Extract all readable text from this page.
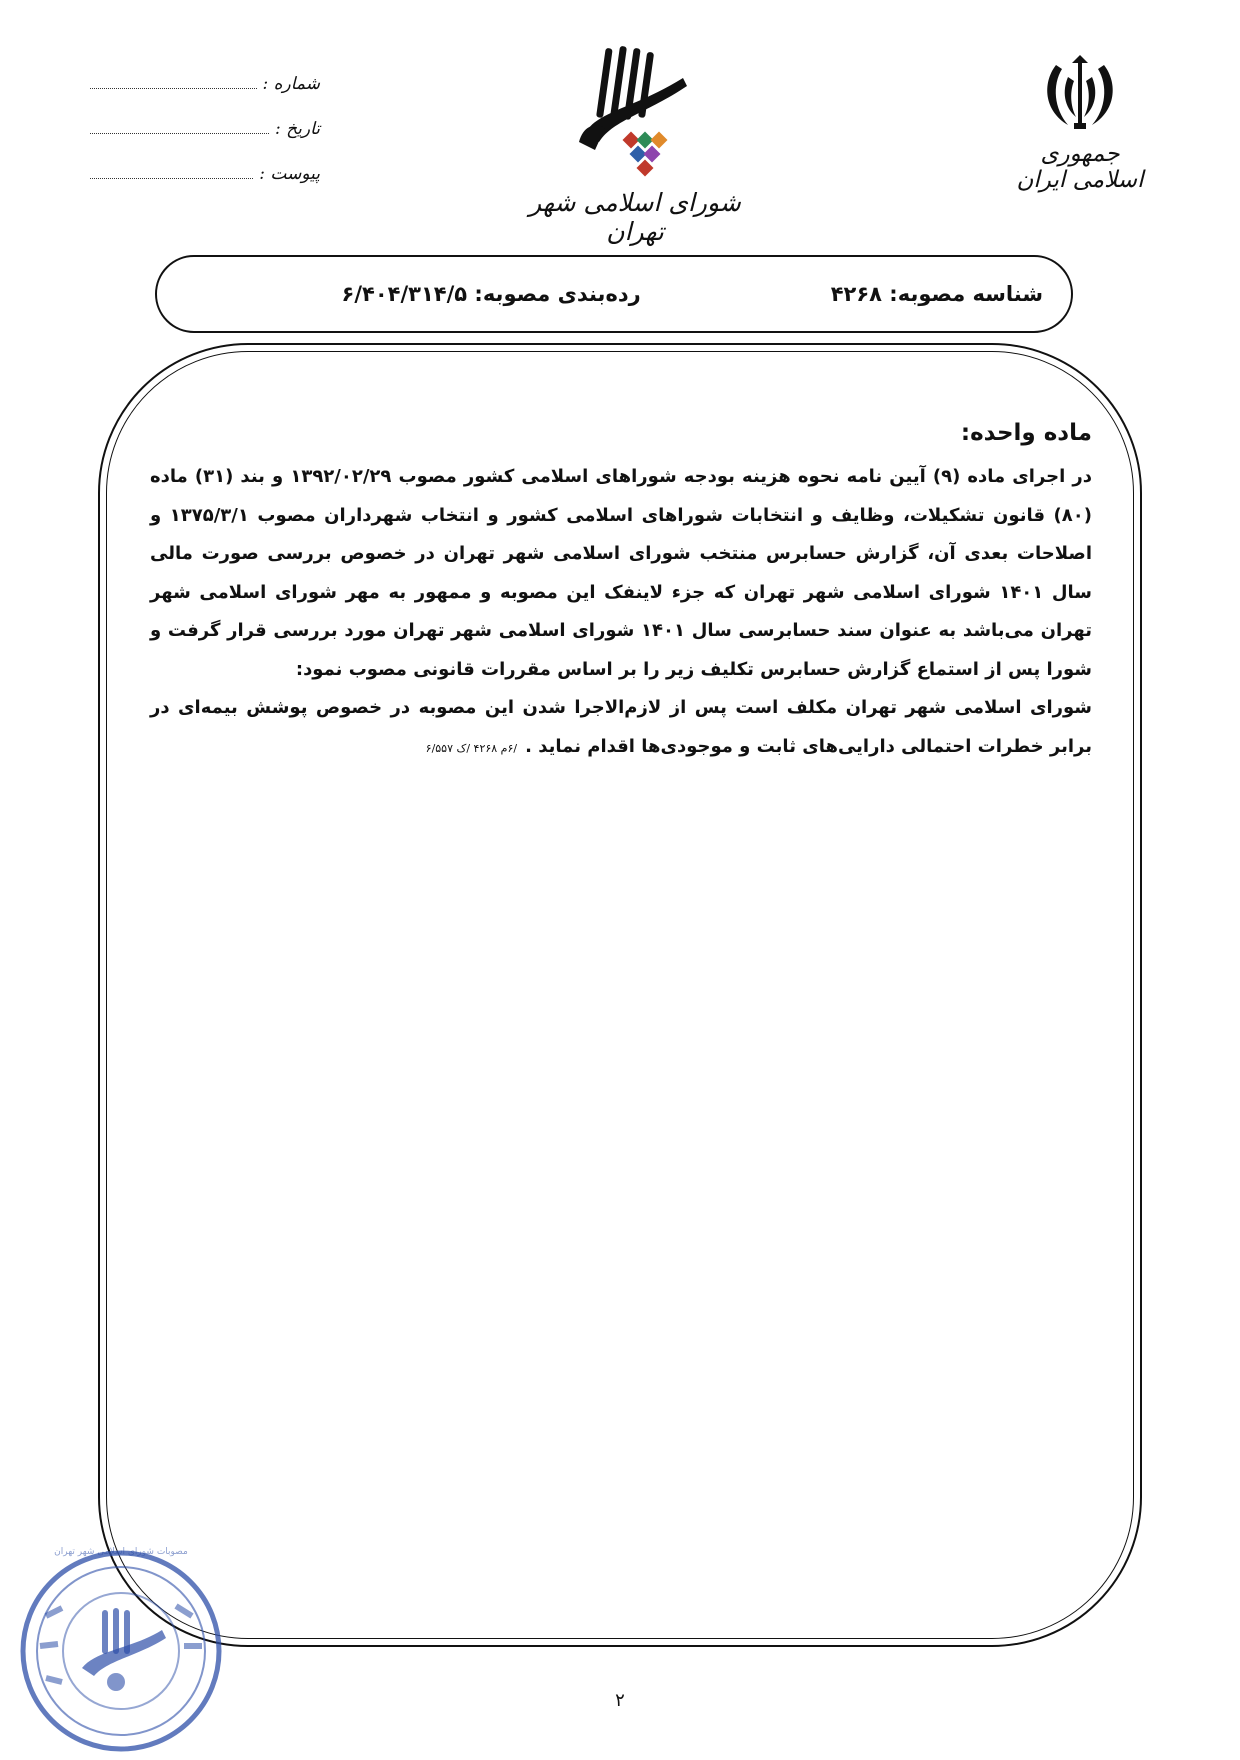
جمهوری اسلامی ایران
شورای اسلامی شهر تهران
شماره :
تاریخ :
پیوست :
شناسه مصوبه: ۴۲۶۸
رده‌بندی مصوبه: ۶/۴۰۴/۳۱۴/۵

ماده واحده:

در اجرای ماده (۹) آیین نامه نحوه هزینه بودجه شوراهای اسلامی کشور مصوب ۱۳۹۲/۰۲/۲۹ و بند (۳۱) ماده (۸۰) قانون تشکیلات، وظایف و انتخابات شوراهای اسلامی کشور و انتخاب شهرداران مصوب ۱۳۷۵/۳/۱ و اصلاحات بعدی آن، گزارش حسابرس منتخب شورای اسلامی شهر تهران در خصوص بررسی صورت مالی سال ۱۴۰۱ شورای اسلامی شهر تهران که جزء لاینفک این مصوبه و ممهور به مهر شورای اسلامی شهر تهران می‌باشد به عنوان سند حسابرسی سال ۱۴۰۱ شورای اسلامی شهر تهران مورد بررسی قرار گرفت و شورا پس از استماع گزارش حسابرس تکلیف زیر را بر اساس مقررات قانونی مصوب نمود:

شورای اسلامی شهر تهران مکلف است پس از لازم‌الاجرا شدن این مصوبه در خصوص پوشش بیمه‌ای در برابر خطرات احتمالی دارایی‌های ثابت و موجودی‌ها اقدام نماید ./۶م ۴۲۶۸ /ک ۶/۵۵۷

۲
مصوبات شورای اسلامی شهر تهران
